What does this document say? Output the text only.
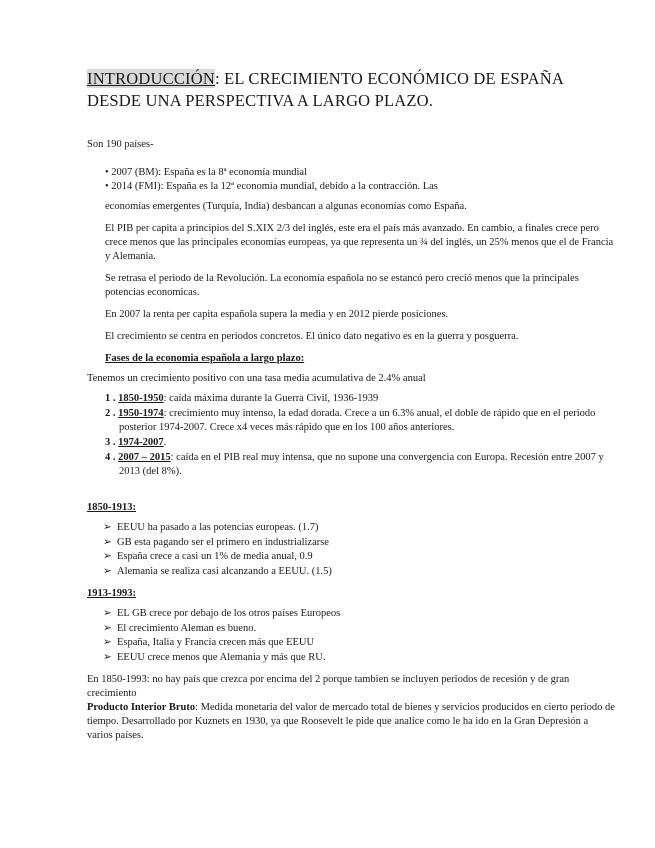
INTRODUCCIÓN: EL CRECIMIENTO ECONÓMICO DE ESPAÑA DESDE UNA PERSPECTIVA A LARGO PLAZO.

Son 190 países-

• 2007 (BM): España es la 8ª economía mundial
• 2014 (FMI): España es la 12ª economía mundial, debido a la contracción. Las

economías emergentes (Turquía, India) desbancan a algunas economías como España.

El PIB per capita a principios del S.XIX 2/3 del inglés, este era el país más avanzado. En cambio, a finales crece pero crece menos que las principales economías europeas, ya que representa un ¾ del inglés, un 25% menos que el de Francia y Alemania.

Se retrasa el periodo de la Revolución. La economía española no se estancó pero creció menos que la principales potencias economicas.

En 2007 la renta per capita española supera la media y en 2012 pierde posiciones.

El crecimiento se centra en periodos concretos. El único dato negativo es en la guerra y posguerra.

Fases de la economia española a largo plazo:

Tenemos un crecimiento positivo con una tasa media acumulativa de 2.4% anual

1 . 1850-1950: caída máxima durante la Guerra Civil, 1936-1939
2 . 1950-1974: crecimiento muy intenso, la edad dorada. Crece a un 6.3% anual, el doble de rápido que en el periodo posterior 1974-2007. Crece x4 veces más rápido que en los 100 años anteriores.
3 . 1974-2007.
4 . 2007 – 2015: caída en el PIB real muy intensa, que no supone una convergencia con Europa. Recesión entre 2007 y 2013 (del 8%).

1850-1913:

➢ EEUU ha pasado a las potencias europeas. (1.7)
➢ GB esta pagando ser el primero en industrializarse
➢ España crece a casi un 1% de media anual, 0.9
➢ Alemania se realiza casi alcanzando a EEUU. (1.5)

1913-1993:

➢ EL GB crece por debajo de los otros países Europeos
➢ El crecimiento Aleman es bueno.
➢ España, Italia y Francia crecen más que EEUU
➢ EEUU crece menos que Alemania y más que RU.

En 1850-1993: no hay país que crezca por encima del 2 porque tambien se incluyen periodos de recesión y de gran crecimiento

Producto Interior Bruto: Medida monetaria del valor de mercado total de bienes y servicios producidos en cierto periodo de tiempo. Desarrollado por Kuznets en 1930, ya que Roosevelt le pide que analice como le ha ido en la Gran Depresión a varios países.
